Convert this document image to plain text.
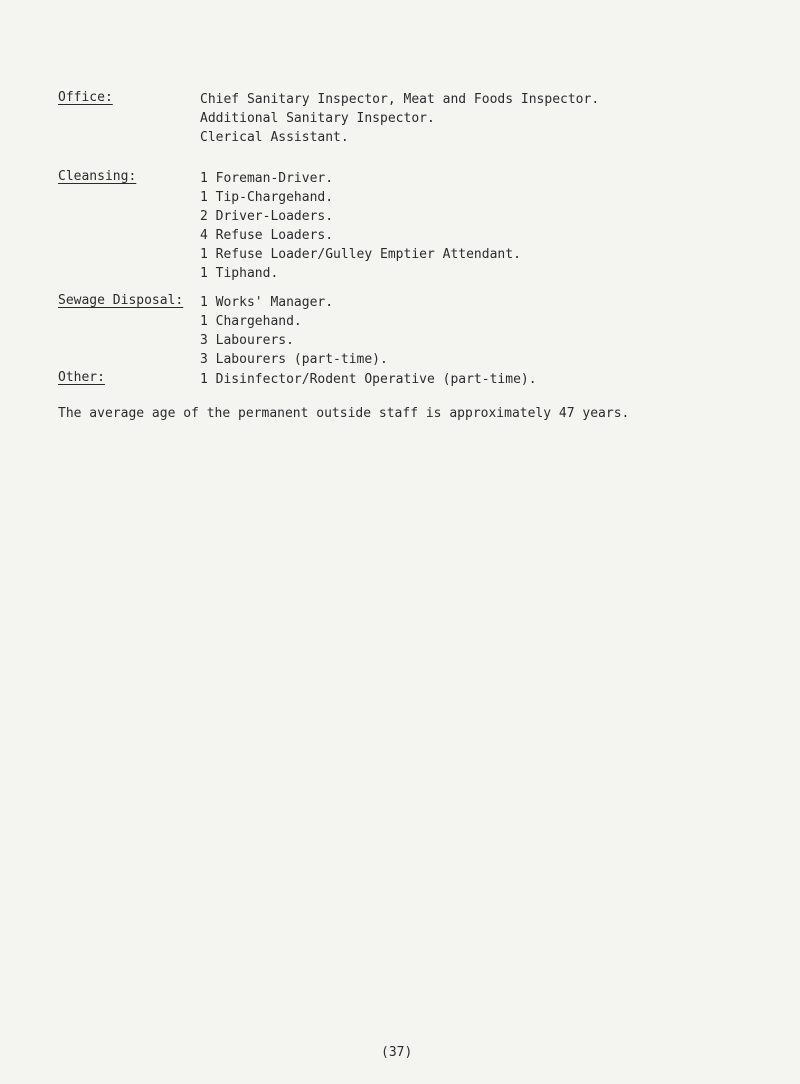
Office:	Chief Sanitary Inspector, Meat and Foods Inspector.
Additional Sanitary Inspector.
Clerical Assistant.
Cleansing:	1 Foreman-Driver.
1 Tip-Chargehand.
2 Driver-Loaders.
4 Refuse Loaders.
1 Refuse Loader/Gulley Emptier Attendant.
1 Tiphand.
Sewage Disposal:	1 Works' Manager.
1 Chargehand.
3 Labourers.
3 Labourers (part-time).
Other:	1 Disinfector/Rodent Operative (part-time).
The average age of the permanent outside staff is approximately 47 years.
(37)
